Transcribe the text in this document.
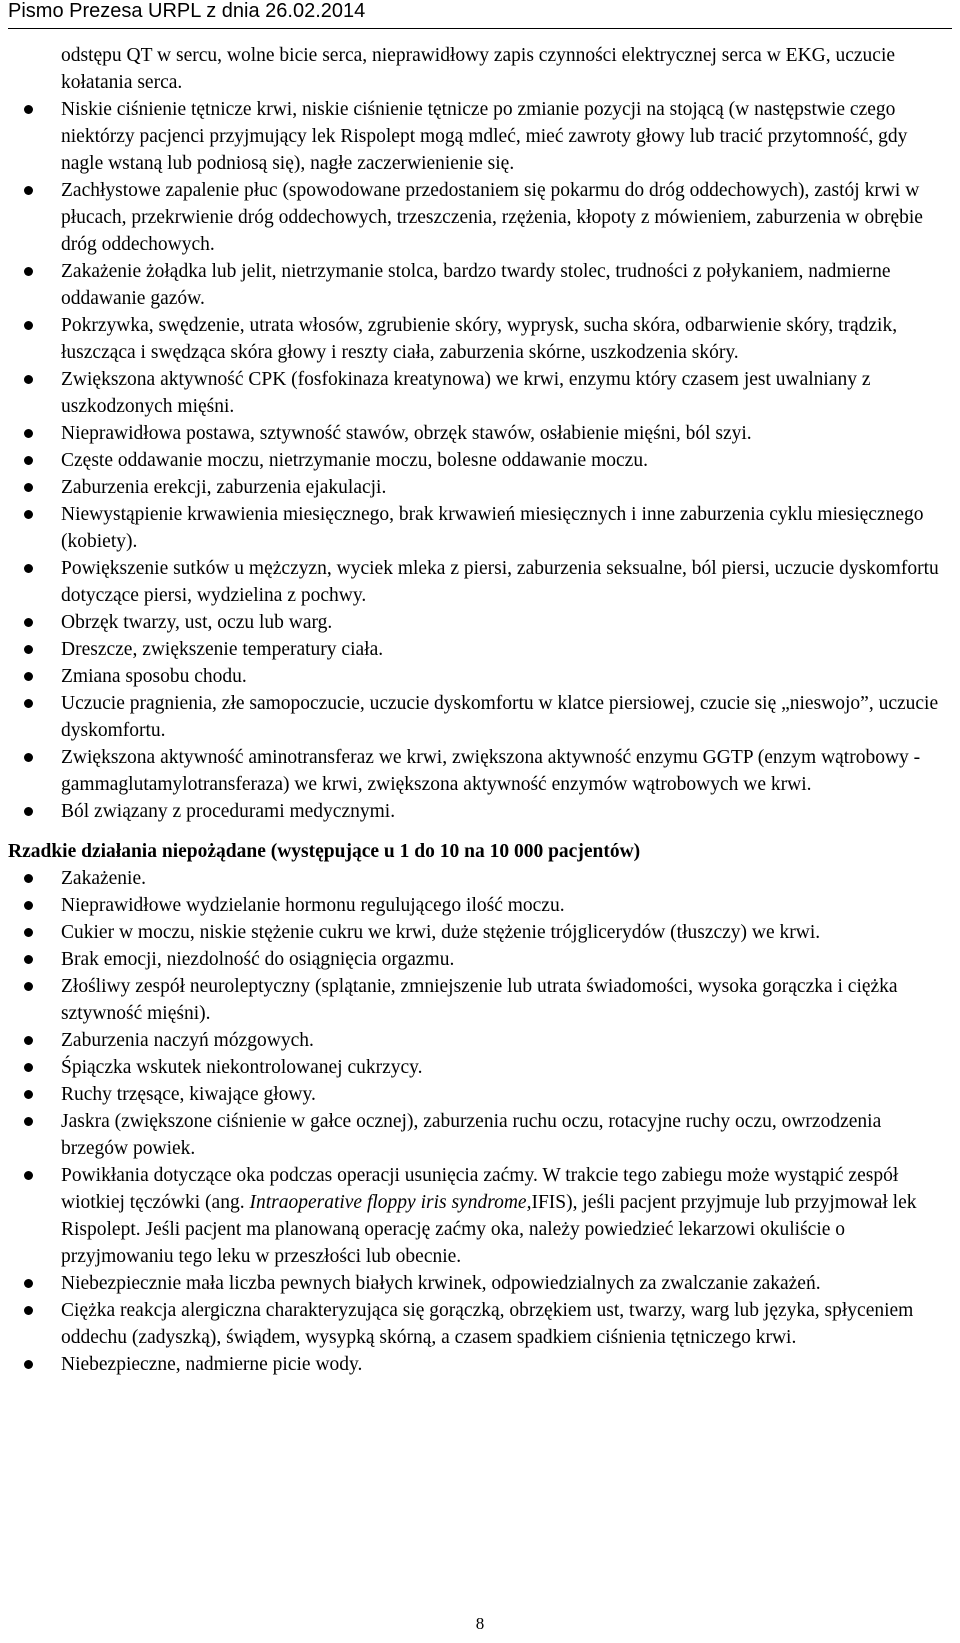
Pismo Prezesa URPL z dnia 26.02.2014
odstępu QT w sercu, wolne bicie serca, nieprawidłowy zapis czynności elektrycznej serca w EKG, uczucie kołatania serca.
Niskie ciśnienie tętnicze krwi, niskie ciśnienie tętnicze po zmianie pozycji na stojącą (w następstwie czego niektórzy pacjenci przyjmujący lek Rispolept mogą mdleć, mieć zawroty głowy lub tracić przytomność, gdy nagle wstaną lub podniosą się), nagłe zaczerwienienie się.
Zachłystowe zapalenie płuc (spowodowane przedostaniem się pokarmu do dróg oddechowych), zastój krwi w płucach, przekrwienie dróg oddechowych, trzeszczenia, rzężenia, kłopoty z mówieniem, zaburzenia w obrębie dróg oddechowych.
Zakażenie żołądka lub jelit, nietrzymanie stolca, bardzo twardy stolec, trudności z połykaniem, nadmierne oddawanie gazów.
Pokrzywka, swędzenie, utrata włosów, zgrubienie skóry, wyprysk, sucha skóra, odbarwienie skóry, trądzik, łuszcząca i swędząca skóra głowy i reszty ciała, zaburzenia skórne, uszkodzenia skóry.
Zwiększona aktywność CPK (fosfokinaza kreatynowa) we krwi, enzymu który czasem jest uwalniany z uszkodzonych mięśni.
Nieprawidłowa postawa, sztywność stawów, obrzęk stawów, osłabienie mięśni, ból szyi.
Częste oddawanie moczu, nietrzymanie moczu, bolesne oddawanie moczu.
Zaburzenia erekcji, zaburzenia ejakulacji.
Niewystąpienie krwawienia miesięcznego, brak krwawień miesięcznych i inne zaburzenia cyklu miesięcznego (kobiety).
Powiększenie sutków u mężczyzn, wyciek mleka z piersi, zaburzenia seksualne, ból piersi, uczucie dyskomfortu dotyczące piersi, wydzielina z pochwy.
Obrzęk twarzy, ust, oczu lub warg.
Dreszcze, zwiększenie temperatury ciała.
Zmiana sposobu chodu.
Uczucie pragnienia, złe samopoczucie, uczucie dyskomfortu w klatce piersiowej, czucie się „nieswojo”, uczucie dyskomfortu.
Zwiększona aktywność aminotransferaz we krwi, zwiększona aktywność enzymu GGTP (enzym wątrobowy - gammaglutamylotransferaza) we krwi, zwiększona aktywność enzymów wątrobowych we krwi.
Ból związany z procedurami medycznymi.
Rzadkie działania niepożądane (występujące u 1 do 10 na 10 000 pacjentów)
Zakażenie.
Nieprawidłowe wydzielanie hormonu regulującego ilość moczu.
Cukier w moczu, niskie stężenie cukru we krwi, duże stężenie trójglicerydów (tłuszczy) we krwi.
Brak emocji, niezdolność do osiągnięcia orgazmu.
Złośliwy zespół neuroleptyczny (splątanie, zmniejszenie lub utrata świadomości, wysoka gorączka i ciężka sztywność mięśni).
Zaburzenia naczyń mózgowych.
Śpiączka wskutek niekontrolowanej cukrzycy.
Ruchy trzęsące, kiwające głowy.
Jaskra (zwiększone ciśnienie w gałce ocznej), zaburzenia ruchu oczu, rotacyjne ruchy oczu, owrzodzenia brzegów powiek.
Powikłania dotyczące oka podczas operacji usunięcia zaćmy. W trakcie tego zabiegu może wystąpić zespół wiotkiej tęczówki (ang. Intraoperative floppy iris syndrome,IFIS), jeśli pacjent przyjmuje lub przyjmował lek Rispolept. Jeśli pacjent ma planowaną operację zaćmy oka, należy powiedzieć lekarzowi okuliście o przyjmowaniu tego leku w przeszłości lub obecnie.
Niebezpiecznie mała liczba pewnych białych krwinek, odpowiedzialnych za zwalczanie zakażeń.
Ciężka reakcja alergiczna charakteryzująca się gorączką, obrzękiem ust, twarzy, warg lub języka, spłyceniem oddechu (zadyszką), świądem, wysypką skórną, a czasem spadkiem ciśnienia tętniczego krwi.
Niebezpieczne, nadmierne picie wody.
8
